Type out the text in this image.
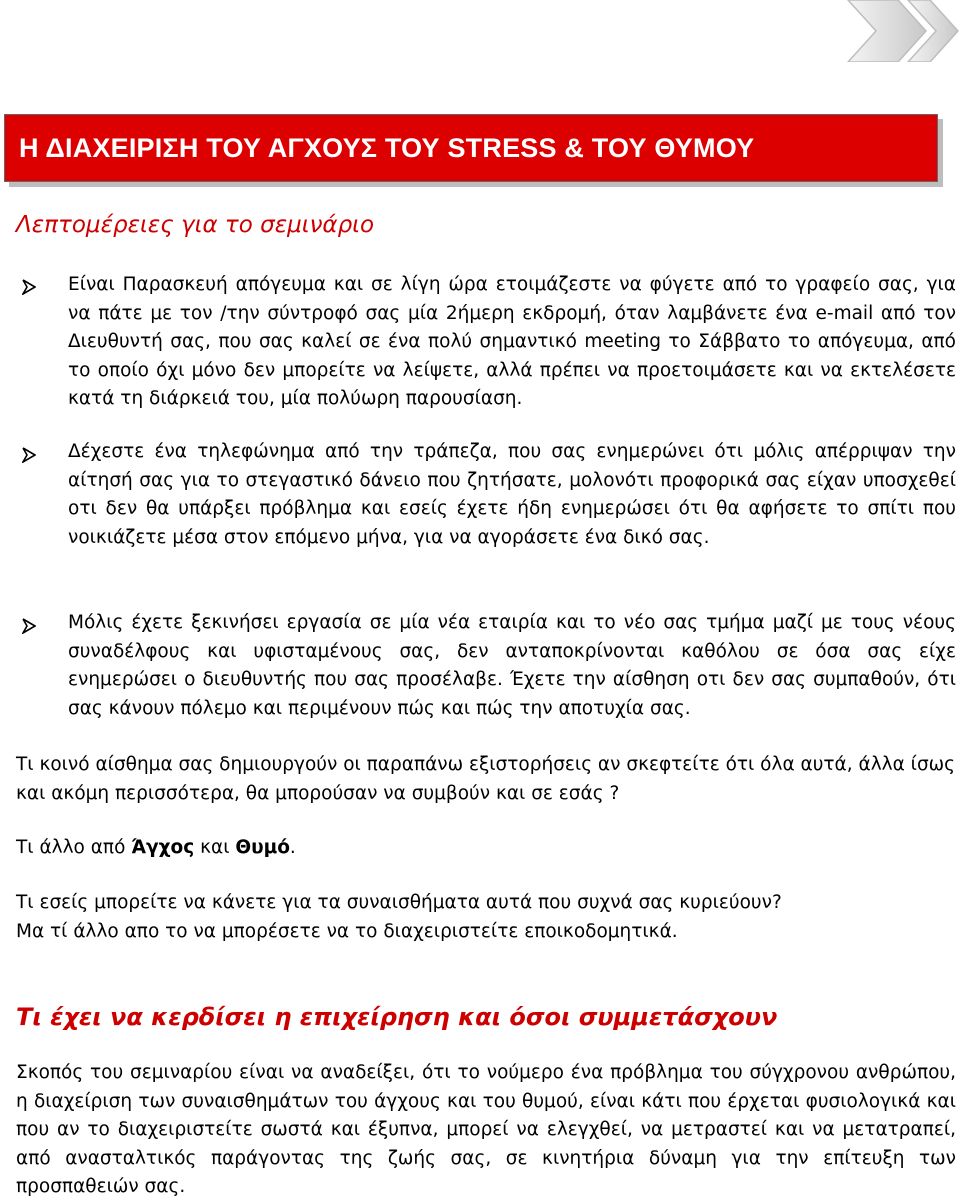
Η ΔΙΑΧΕΙΡΙΣΗ ΤΟΥ ΑΓΧΟΥΣ ΤΟΥ STRESS & ΤΟΥ ΘΥΜΟΥ
Λεπτομέρειες για το σεμινάριο
Είναι Παρασκευή απόγευμα και σε λίγη ώρα ετοιμάζεστε να φύγετε από το γραφείο σας, για να πάτε με τον /την σύντροφό σας μία 2ήμερη εκδρομή, όταν λαμβάνετε ένα e-mail από τον Διευθυντή σας, που σας καλεί σε ένα πολύ σημαντικό meeting το Σάββατο το απόγευμα, από το οποίο όχι μόνο δεν μπορείτε να λείψετε, αλλά πρέπει να προετοιμάσετε και να εκτελέσετε κατά τη διάρκειά του, μία πολύωρη παρουσίαση.
Δέχεστε ένα τηλεφώνημα από την τράπεζα, που σας ενημερώνει ότι μόλις απέρριψαν την αίτησή σας για το στεγαστικό δάνειο που ζητήσατε, μολονότι προφορικά σας είχαν υποσχεθεί οτι δεν θα υπάρξει πρόβλημα και εσείς έχετε ήδη ενημερώσει ότι θα αφήσετε το σπίτι που νοικιάζετε μέσα στον επόμενο μήνα, για να αγοράσετε ένα δικό σας.
Μόλις έχετε ξεκινήσει εργασία σε μία νέα εταιρία και το νέο σας τμήμα μαζί με τους νέους συναδέλφους και υφισταμένους σας, δεν ανταποκρίνονται καθόλου σε όσα σας είχε ενημερώσει ο διευθυντής που σας προσέλαβε. Έχετε την αίσθηση οτι δεν σας συμπαθούν, ότι σας κάνουν πόλεμο και περιμένουν πώς και πώς την αποτυχία σας.
Τι κοινό αίσθημα σας δημιουργούν οι παραπάνω εξιστορήσεις αν σκεφτείτε ότι όλα αυτά, άλλα ίσως και ακόμη περισσότερα, θα μπορούσαν να συμβούν και σε εσάς ?
Τι άλλο από Άγχος και Θυμό.
Τι εσείς μπορείτε να κάνετε για τα συναισθήματα αυτά που συχνά σας κυριεύουν?
Μα τί άλλο απο το να μπορέσετε να το διαχειριστείτε εποικοδομητικά.
Τι έχει να κερδίσει η επιχείρηση και όσοι συμμετάσχουν
Σκοπός του σεμιναρίου είναι να αναδείξει, ότι το νούμερο ένα πρόβλημα του σύγχρονου ανθρώπου, η διαχείριση των συναισθημάτων του άγχους και του θυμού, είναι κάτι που έρχεται φυσιολογικά και που αν το διαχειριστείτε σωστά και έξυπνα, μπορεί να ελεγχθεί, να μετραστεί και να μετατραπεί, από ανασταλτικός παράγοντας της ζωής σας, σε κινητήρια δύναμη για την επίτευξη των προσπαθειών σας.
